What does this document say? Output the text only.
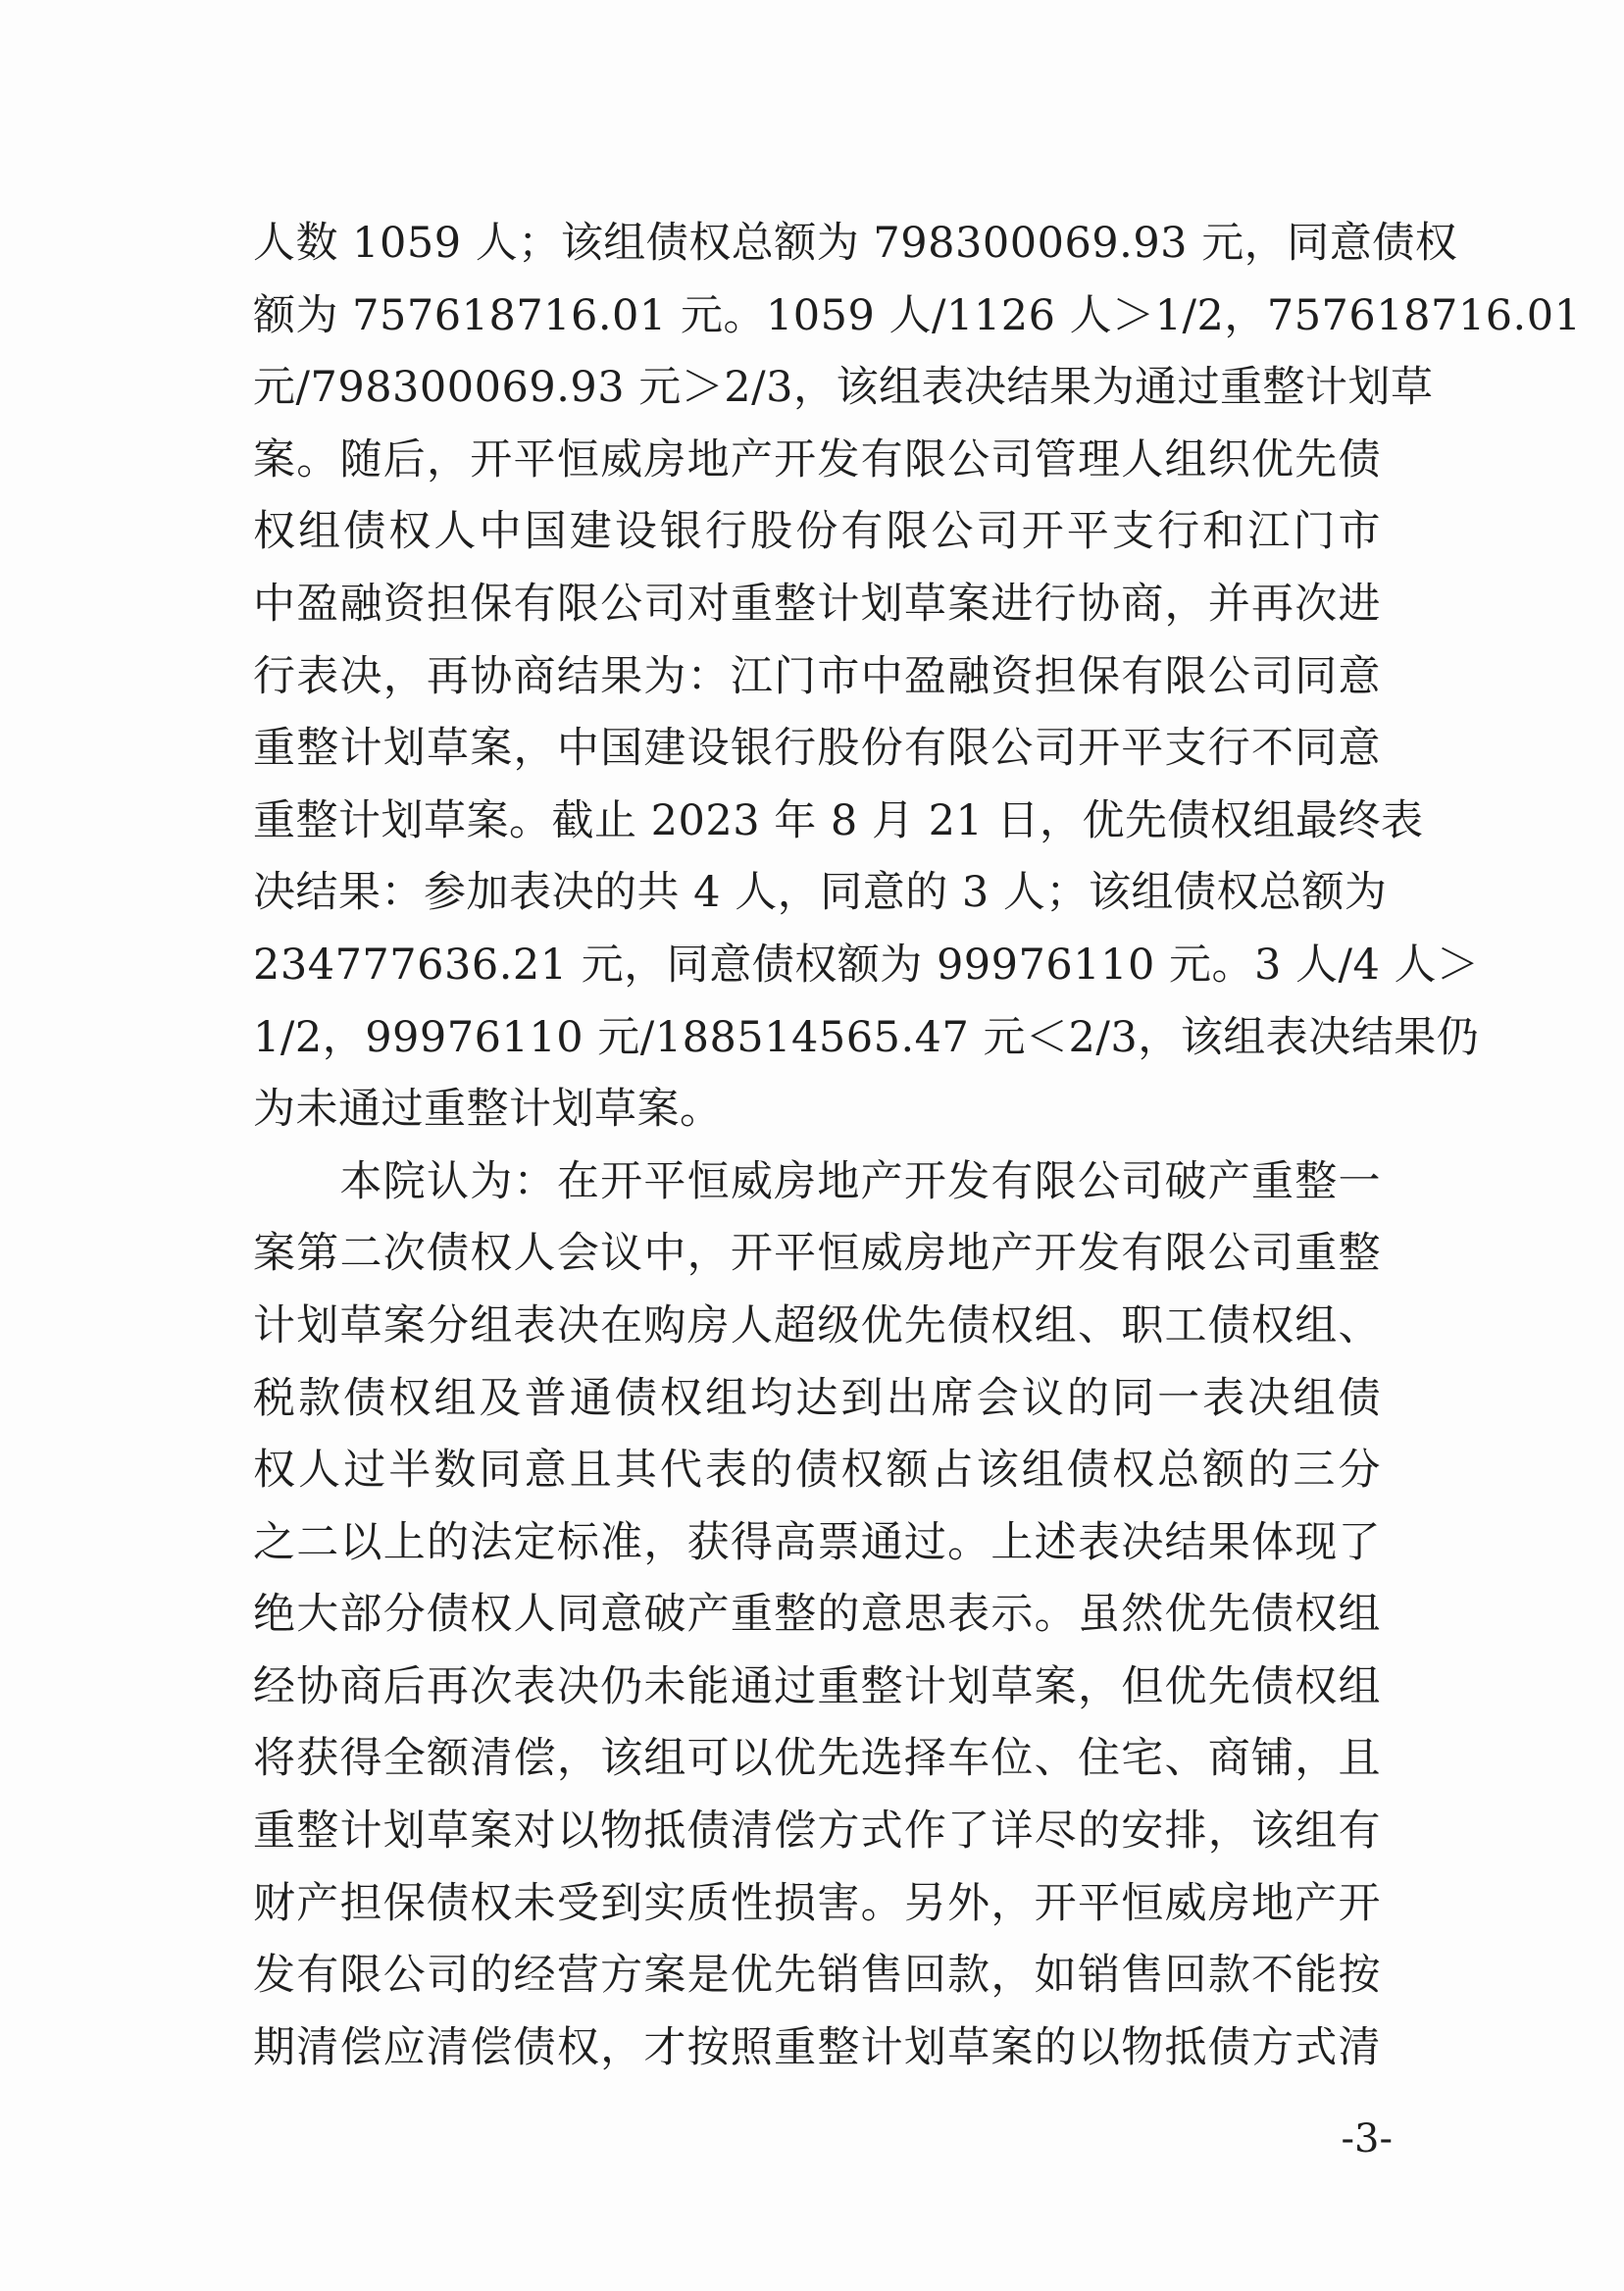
人数 1059 人；该组债权总额为 798300069.93 元，同意债权
额为 757618716.01 元。1059 人/1126 人＞1/2，757618716.01
元/798300069.93 元＞2/3，该组表决结果为通过重整计划草
案。随后，开平恒威房地产开发有限公司管理人组织优先债
权组债权人中国建设银行股份有限公司开平支行和江门市
中盈融资担保有限公司对重整计划草案进行协商，并再次进
行表决，再协商结果为：江门市中盈融资担保有限公司同意
重整计划草案，中国建设银行股份有限公司开平支行不同意
重整计划草案。截止 2023 年 8 月 21 日，优先债权组最终表
决结果：参加表决的共 4 人，同意的 3 人；该组债权总额为
234777636.21 元，同意债权额为 99976110 元。3 人/4 人＞
1/2，99976110 元/188514565.47 元＜2/3，该组表决结果仍
为未通过重整计划草案。
　　本院认为：在开平恒威房地产开发有限公司破产重整一
案第二次债权人会议中，开平恒威房地产开发有限公司重整
计划草案分组表决在购房人超级优先债权组、职工债权组、
税款债权组及普通债权组均达到出席会议的同一表决组债
权人过半数同意且其代表的债权额占该组债权总额的三分
之二以上的法定标准，获得高票通过。上述表决结果体现了
绝大部分债权人同意破产重整的意思表示。虽然优先债权组
经协商后再次表决仍未能通过重整计划草案，但优先债权组
将获得全额清偿，该组可以优先选择车位、住宅、商铺，且
重整计划草案对以物抵债清偿方式作了详尽的安排，该组有
财产担保债权未受到实质性损害。另外，开平恒威房地产开
发有限公司的经营方案是优先销售回款，如销售回款不能按
期清偿应清偿债权，才按照重整计划草案的以物抵债方式清
-3-
